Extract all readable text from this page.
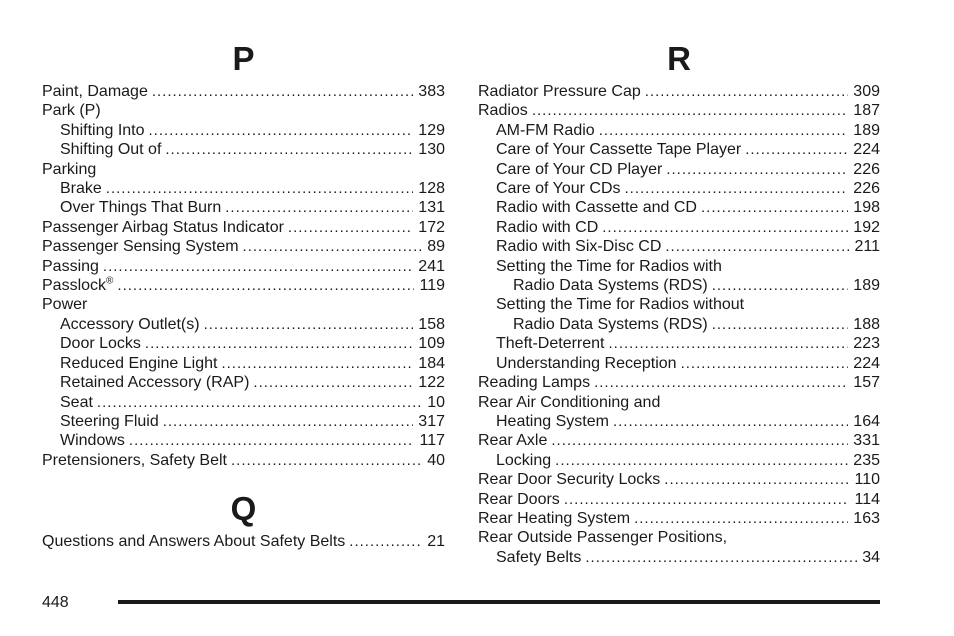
P
Paint, Damage .....	383
Park (P)
Shifting Into .....	129
Shifting Out of .....	130
Parking
Brake .....	128
Over Things That Burn .....	131
Passenger Airbag Status Indicator .....	172
Passenger Sensing System .....	89
Passing .....	241
Passlock® .....	119
Power
Accessory Outlet(s) .....	158
Door Locks .....	109
Reduced Engine Light .....	184
Retained Accessory (RAP) .....	122
Seat .....	10
Steering Fluid .....	317
Windows .....	117
Pretensioners, Safety Belt .....	40
Q
Questions and Answers About Safety Belts .....	21
R
Radiator Pressure Cap .....	309
Radios .....	187
AM-FM Radio .....	189
Care of Your Cassette Tape Player .....	224
Care of Your CD Player .....	226
Care of Your CDs .....	226
Radio with Cassette and CD .....	198
Radio with CD .....	192
Radio with Six-Disc CD .....	211
Setting the Time for Radios with
Radio Data Systems (RDS) .....	189
Setting the Time for Radios without
Radio Data Systems (RDS) .....	188
Theft-Deterrent .....	223
Understanding Reception .....	224
Reading Lamps .....	157
Rear Air Conditioning and
Heating System .....	164
Rear Axle .....	331
Locking .....	235
Rear Door Security Locks .....	110
Rear Doors .....	114
Rear Heating System .....	163
Rear Outside Passenger Positions,
Safety Belts .....	34
448
